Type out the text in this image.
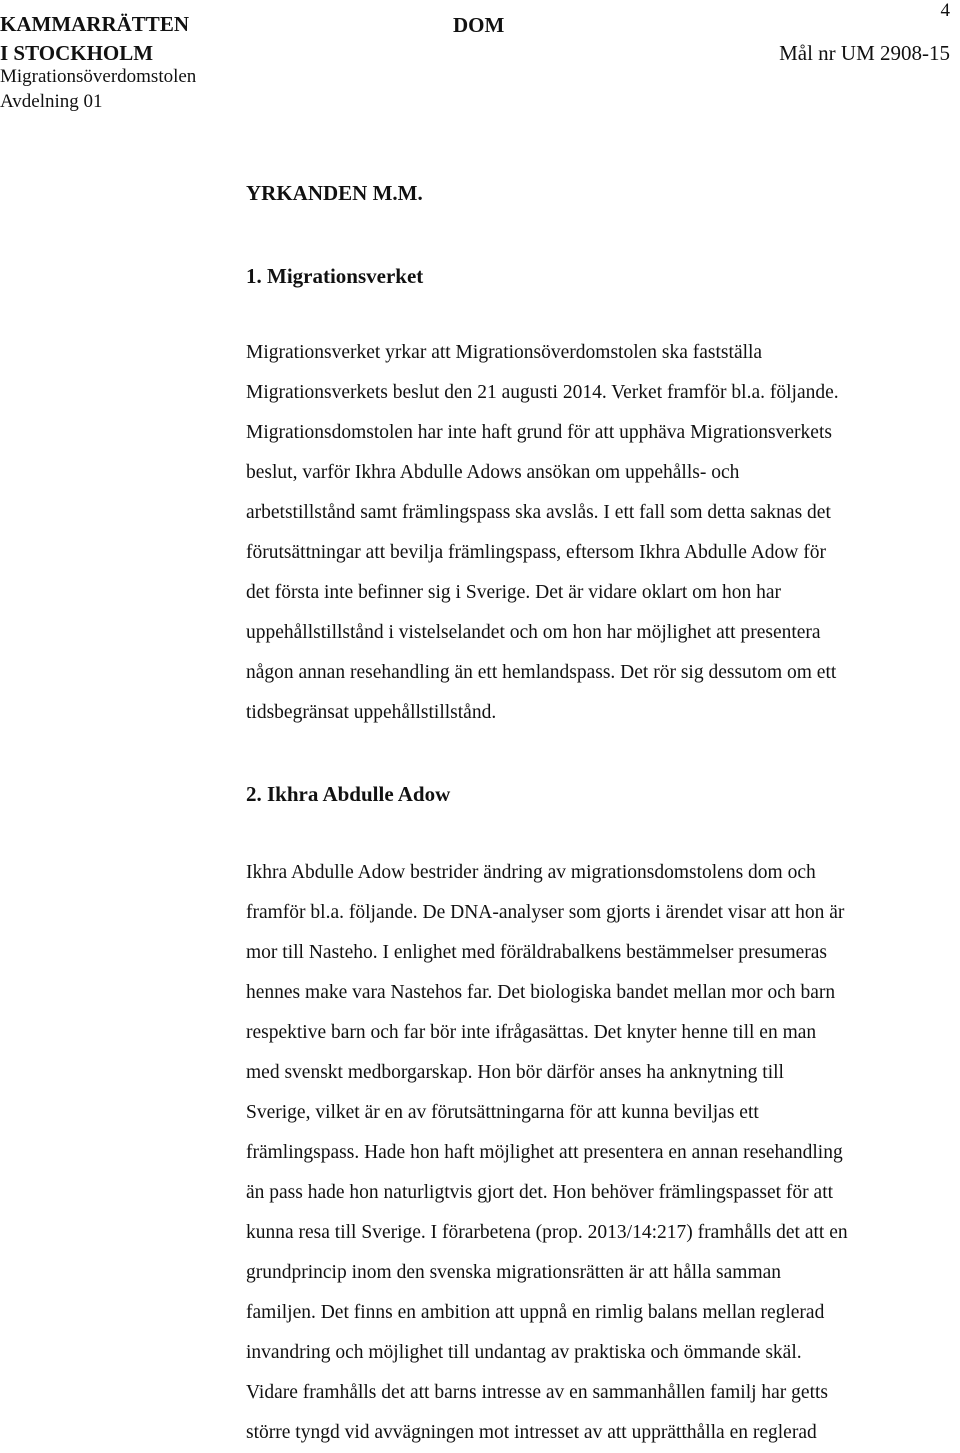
KAMMARRÄTTEN
I STOCKHOLM
Migrationsöverdomstolen
Avdelning 01
DOM
4
Mål nr UM 2908-15
YRKANDEN M.M.
1. Migrationsverket
Migrationsverket yrkar att Migrationsöverdomstolen ska fastställa
Migrationsverkets beslut den 21 augusti 2014. Verket framför bl.a. följande.
Migrationsdomstolen har inte haft grund för att upphäva Migrationsverkets
beslut, varför Ikhra Abdulle Adows ansökan om uppehålls- och
arbetstillstånd samt främlingspass ska avslås. I ett fall som detta saknas det
förutsättningar att bevilja främlingspass, eftersom Ikhra Abdulle Adow för
det första inte befinner sig i Sverige. Det är vidare oklart om hon har
uppehållstillstånd i vistelselandet och om hon har möjlighet att presentera
någon annan resehandling än ett hemlandspass. Det rör sig dessutom om ett
tidsbegränsat uppehållstillstånd.
2. Ikhra Abdulle Adow
Ikhra Abdulle Adow bestrider ändring av migrationsdomstolens dom och
framför bl.a. följande. De DNA-analyser som gjorts i ärendet visar att hon är
mor till Nasteho. I enlighet med föräldrabalkens bestämmelser presumeras
hennes make vara Nastehos far. Det biologiska bandet mellan mor och barn
respektive barn och far bör inte ifrågasättas. Det knyter henne till en man
med svenskt medborgarskap. Hon bör därför anses ha anknytning till
Sverige, vilket är en av förutsättningarna för att kunna beviljas ett
främlingspass. Hade hon haft möjlighet att presentera en annan resehandling
än pass hade hon naturligtvis gjort det. Hon behöver främlingspasset för att
kunna resa till Sverige. I förarbetena (prop. 2013/14:217) framhålls det att en
grundprincip inom den svenska migrationsrätten är att hålla samman
familjen. Det finns en ambition att uppnå en rimlig balans mellan reglerad
invandring och möjlighet till undantag av praktiska och ömmande skäl.
Vidare framhålls det att barns intresse av en sammanhållen familj har getts
större tyngd vid avvägningen mot intresset av att upprätthålla en reglerad
